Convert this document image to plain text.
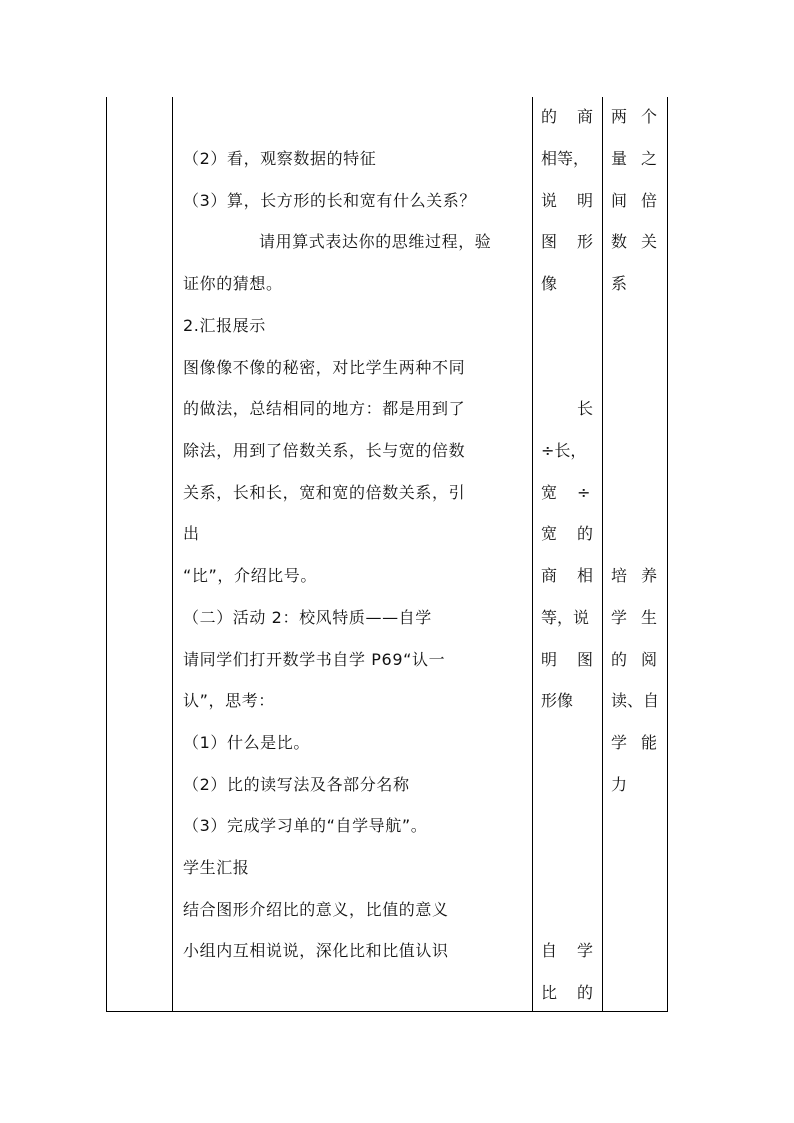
（2）看，观察数据的特征
（3）算，长方形的长和宽有什么关系？
请用算式表达你的思维过程，验
证你的猜想。
2.汇报展示
图像像不像的秘密，对比学生两种不同
的做法，总结相同的地方：都是用到了
除法，用到了倍数关系，长与宽的倍数
关系，长和长，宽和宽的倍数关系，引
出
“比”，介绍比号。
（二）活动 2：校风特质——自学
请同学们打开数学书自学 P69“认一
认”，思考：
（1）什么是比。
（2）比的读写法及各部分名称
（3）完成学习单的“自学导航”。
学生汇报
结合图形介绍比的意义，比值的意义
小组内互相说说，深化比和比值认识
的 商
相等，
说 明
图 形
像
长
÷长，
宽 ÷
宽 的
商 相
等，说
明 图
形像
自 学
比 的
两 个
量 之
间 倍
数 关
系
培 养
学 生
的 阅
读、自
学 能
力
